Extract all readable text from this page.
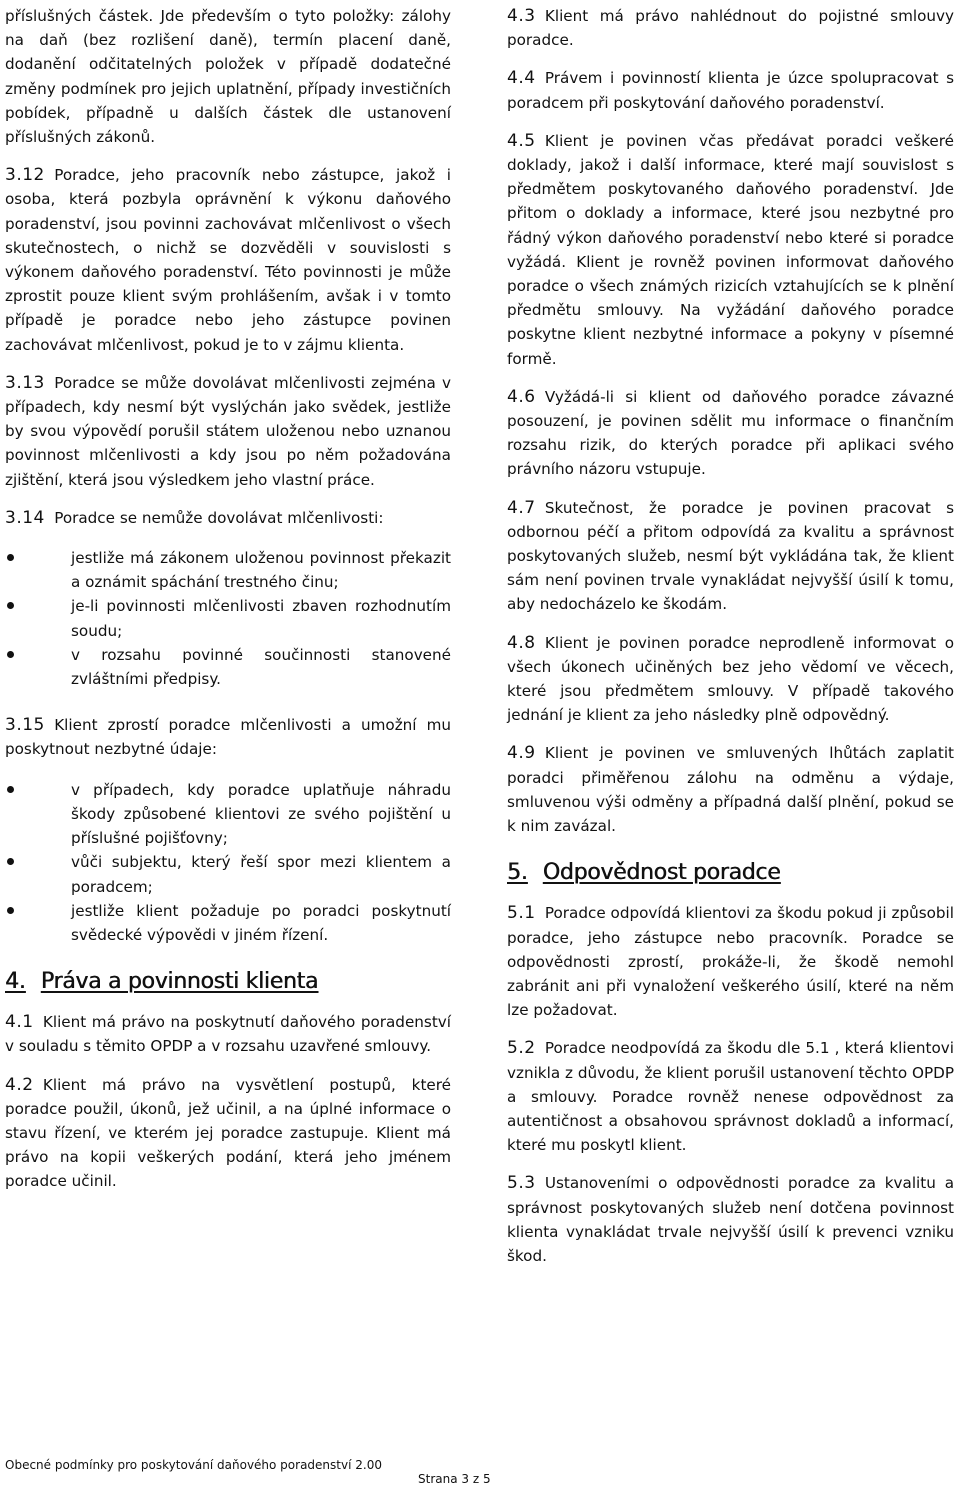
příslušných částek. Jde především o tyto položky: zálohy na daň (bez rozlišení daně), termín placení daně, dodanění odčitatelných položek v případě dodatečné změny podmínek pro jejich uplatnění, případy investičních pobídek, případně u dalších částek dle ustanovení příslušných zákonů.

3.12 Poradce, jeho pracovník nebo zástupce, jakož i osoba, která pozbyla oprávnění k výkonu daňového poradenství, jsou povinni zachovávat mlčenlivost o všech skutečnostech, o nichž se dozvěděli v souvislosti s výkonem daňového poradenství. Této povinnosti je může zprostit pouze klient svým prohlášením, avšak i v tomto případě je poradce nebo jeho zástupce povinen zachovávat mlčenlivost, pokud je to v zájmu klienta.

3.13 Poradce se může dovolávat mlčenlivosti zejména v případech, kdy nesmí být vyslýchán jako svědek, jestliže by svou výpovědí porušil státem uloženou nebo uznanou povinnost mlčenlivosti a kdy jsou po něm požadována zjištění, která jsou výsledkem jeho vlastní práce.

3.14 Poradce se nemůže dovolávat mlčenlivosti:

jestliže má zákonem uloženou povinnost překazit a oznámit spáchání trestného činu;
je-li povinnosti mlčenlivosti zbaven rozhodnutím soudu;
v rozsahu povinné součinnosti stanovené zvláštními předpisy.

3.15 Klient zprostí poradce mlčenlivosti a umožní mu poskytnout nezbytné údaje:

v případech, kdy poradce uplatňuje náhradu škody způsobené klientovi ze svého pojištění u příslušné pojišťovny;
vůči subjektu, který řeší spor mezi klientem a poradcem;
jestliže klient požaduje po poradci poskytnutí svědecké výpovědi v jiném řízení.
4. Práva a povinnosti klienta

4.1 Klient má právo na poskytnutí daňového poradenství v souladu s těmito OPDP a v rozsahu uzavřené smlouvy.

4.2 Klient má právo na vysvětlení postupů, které poradce použil, úkonů, jež učinil, a na úplné informace o stavu řízení, ve kterém jej poradce zastupuje. Klient má právo na kopii veškerých podání, která jeho jménem poradce učinil.

4.3 Klient má právo nahlédnout do pojistné smlouvy poradce.

4.4 Právem i povinností klienta je úzce spolupracovat s poradcem při poskytování daňového poradenství.

4.5 Klient je povinen včas předávat poradci veškeré doklady, jakož i další informace, které mají souvislost s předmětem poskytovaného daňového poradenství. Jde přitom o doklady a informace, které jsou nezbytné pro řádný výkon daňového poradenství nebo které si poradce vyžádá. Klient je rovněž povinen informovat daňového poradce o všech známých rizicích vztahujících se k plnění předmětu smlouvy. Na vyžádání daňového poradce poskytne klient nezbytné informace a pokyny v písemné formě.

4.6 Vyžádá-li si klient od daňového poradce závazné posouzení, je povinen sdělit mu informace o finančním rozsahu rizik, do kterých poradce při aplikaci svého právního názoru vstupuje.

4.7 Skutečnost, že poradce je povinen pracovat s odbornou péčí a přitom odpovídá za kvalitu a správnost poskytovaných služeb, nesmí být vykládána tak, že klient sám není povinen trvale vynakládat nejvyšší úsilí k tomu, aby nedocházelo ke škodám.

4.8 Klient je povinen poradce neprodleně informovat o všech úkonech učiněných bez jeho vědomí ve věcech, které jsou předmětem smlouvy. V případě takového jednání je klient za jeho následky plně odpovědný.

4.9 Klient je povinen ve smluvených lhůtách zaplatit poradci přiměřenou zálohu na odměnu a výdaje, smluvenou výši odměny a případná další plnění, pokud se k nim zavázal.

5. Odpovědnost poradce

5.1 Poradce odpovídá klientovi za škodu pokud ji způsobil poradce, jeho zástupce nebo pracovník. Poradce se odpovědnosti zprostí, prokáže-li, že škodě nemohl zabránit ani při vynaložení veškerého úsilí, které na něm lze požadovat.

5.2 Poradce neodpovídá za škodu dle 5.1 , která klientovi vznikla z důvodu, že klient porušil ustanovení těchto OPDP a smlouvy. Poradce rovněž nenese odpovědnost za autentičnost a obsahovou správnost dokladů a informací, které mu poskytl klient.

5.3 Ustanoveními o odpovědnosti poradce za kvalitu a správnost poskytovaných služeb není dotčena povinnost klienta vynakládat trvale nejvyšší úsilí k prevenci vzniku škod.

Obecné podmínky pro poskytování daňového poradenství 2.00
Strana 3 z 5
